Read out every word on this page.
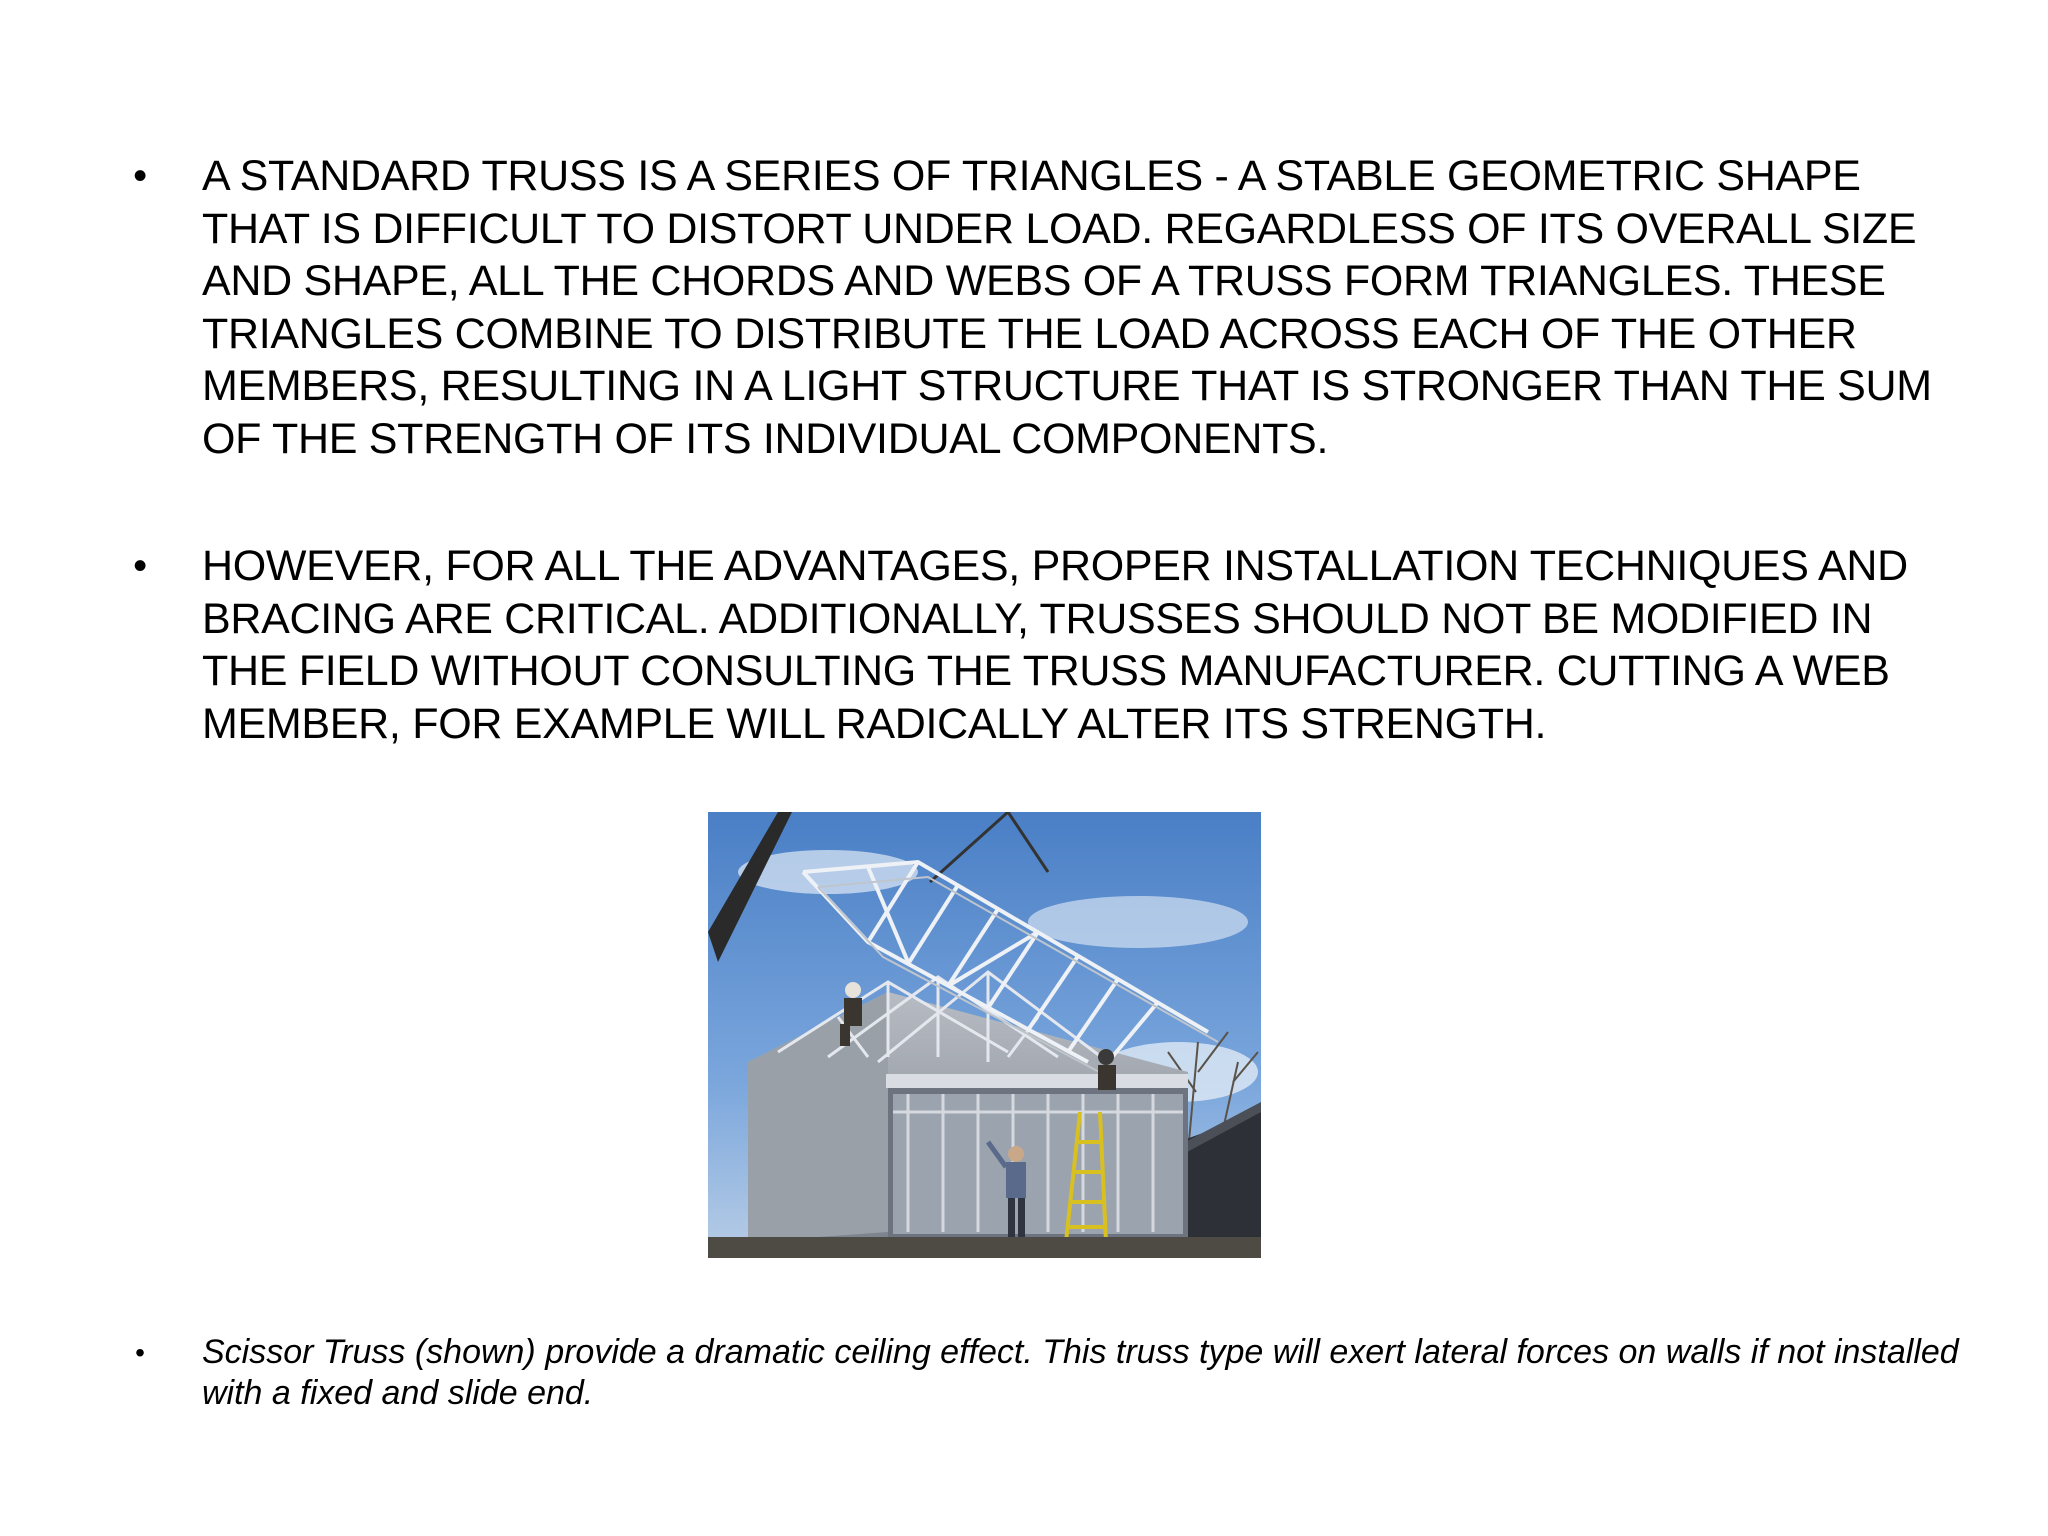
•	A STANDARD TRUSS IS A SERIES OF TRIANGLES - A STABLE GEOMETRIC SHAPE THAT IS DIFFICULT TO DISTORT UNDER LOAD. REGARDLESS OF ITS OVERALL SIZE AND SHAPE, ALL THE CHORDS AND WEBS OF A TRUSS FORM TRIANGLES. THESE TRIANGLES COMBINE TO DISTRIBUTE THE LOAD ACROSS EACH OF THE OTHER MEMBERS, RESULTING IN A LIGHT STRUCTURE THAT IS STRONGER THAN THE SUM OF THE STRENGTH OF ITS INDIVIDUAL COMPONENTS.

•	HOWEVER, FOR ALL THE ADVANTAGES, PROPER INSTALLATION TECHNIQUES AND BRACING ARE CRITICAL. ADDITIONALLY, TRUSSES SHOULD NOT BE MODIFIED IN THE FIELD WITHOUT CONSULTING THE TRUSS MANUFACTURER. CUTTING A WEB MEMBER, FOR EXAMPLE WILL RADICALLY ALTER ITS STRENGTH.

•	Scissor Truss (shown) provide a dramatic ceiling effect. This truss type will exert lateral forces on walls if not installed with a fixed and slide end.
